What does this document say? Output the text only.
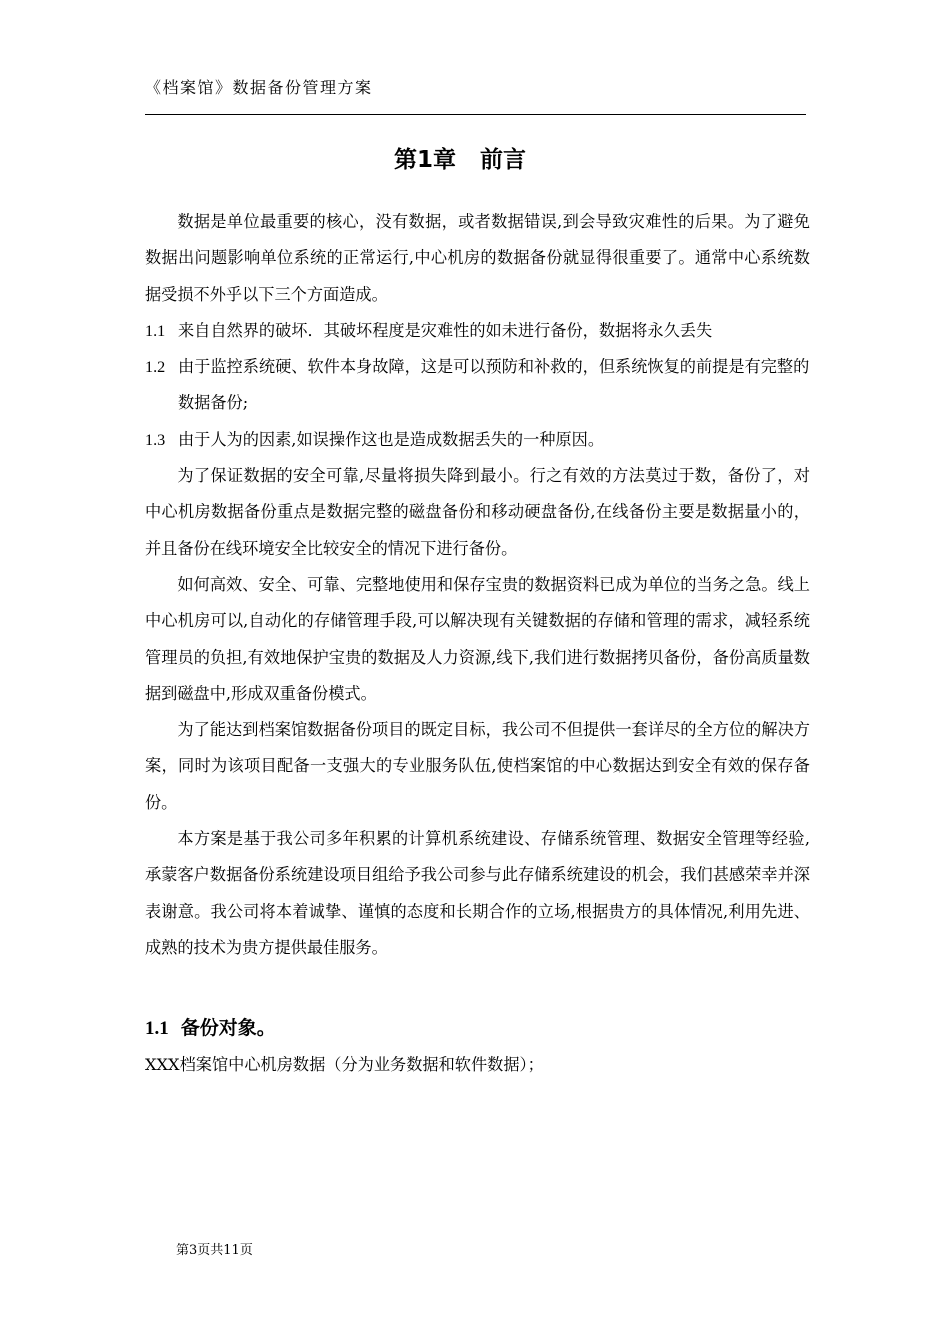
《档案馆》数据备份管理方案
第1章   前言

数据是单位最重要的核心，没有数据，或者数据错误,到会导致灾难性的后果。为了避免数据出问题影响单位系统的正常运行,中心机房的数据备份就显得很重要了。通常中心系统数据受损不外乎以下三个方面造成。

1.1 来自自然界的破坏．其破坏程度是灾难性的如未进行备份，数据将永久丢失

1.2 由于监控系统硬、软件本身故障，这是可以预防和补救的，但系统恢复的前提是有完整的数据备份;

1.3 由于人为的因素,如误操作这也是造成数据丢失的一种原因。

为了保证数据的安全可靠,尽量将损失降到最小。行之有效的方法莫过于数，备份了，对中心机房数据备份重点是数据完整的磁盘备份和移动硬盘备份,在线备份主要是数据量小的，并且备份在线环境安全比较安全的情况下进行备份。

如何高效、安全、可靠、完整地使用和保存宝贵的数据资料已成为单位的当务之急。线上中心机房可以,自动化的存储管理手段,可以解决现有关键数据的存储和管理的需求，减轻系统管理员的负担,有效地保护宝贵的数据及人力资源,线下,我们进行数据拷贝备份，备份高质量数据到磁盘中,形成双重备份模式。

为了能达到档案馆数据备份项目的既定目标，我公司不但提供一套详尽的全方位的解决方案，同时为该项目配备一支强大的专业服务队伍,使档案馆的中心数据达到安全有效的保存备份。

本方案是基于我公司多年积累的计算机系统建设、存储系统管理、数据安全管理等经验,承蒙客户数据备份系统建设项目组给予我公司参与此存储系统建设的机会，我们甚感荣幸并深表谢意。我公司将本着诚挚、谨慎的态度和长期合作的立场,根据贵方的具体情况,利用先进、成熟的技术为贵方提供最佳服务。

1.1 备份对象。
XXX档案馆中心机房数据（分为业务数据和软件数据）；
第3页共11页
